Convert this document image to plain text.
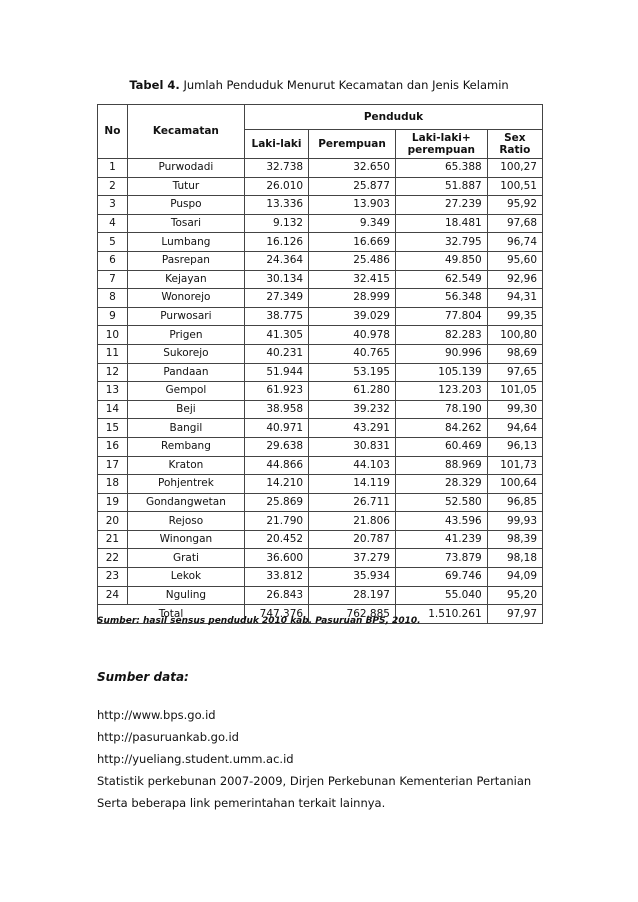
Tabel 4. Jumlah Penduduk Menurut Kecamatan dan Jenis Kelamin
No	Kecamatan	Penduduk			
		Laki-laki	Perempuan	Laki-laki+ perempuan	Sex Ratio
1	Purwodadi	32.738	32.650	65.388	100,27
2	Tutur	26.010	25.877	51.887	100,51
3	Puspo	13.336	13.903	27.239	95,92
4	Tosari	9.132	9.349	18.481	97,68
5	Lumbang	16.126	16.669	32.795	96,74
6	Pasrepan	24.364	25.486	49.850	95,60
7	Kejayan	30.134	32.415	62.549	92,96
8	Wonorejo	27.349	28.999	56.348	94,31
9	Purwosari	38.775	39.029	77.804	99,35
10	Prigen	41.305	40.978	82.283	100,80
11	Sukorejo	40.231	40.765	90.996	98,69
12	Pandaan	51.944	53.195	105.139	97,65
13	Gempol	61.923	61.280	123.203	101,05
14	Beji	38.958	39.232	78.190	99,30
15	Bangil	40.971	43.291	84.262	94,64
16	Rembang	29.638	30.831	60.469	96,13
17	Kraton	44.866	44.103	88.969	101,73
18	Pohjentrek	14.210	14.119	28.329	100,64
19	Gondangwetan	25.869	26.711	52.580	96,85
20	Rejoso	21.790	21.806	43.596	99,93
21	Winongan	20.452	20.787	41.239	98,39
22	Grati	36.600	37.279	73.879	98,18
23	Lekok	33.812	35.934	69.746	94,09
24	Nguling	26.843	28.197	55.040	95,20
Total		747.376	762.885	1.510.261	97,97
Sumber: hasil sensus penduduk 2010 kab. Pasuruan BPS, 2010.
Sumber data:
http://www.bps.go.id
http://pasuruankab.go.id
http://yueliang.student.umm.ac.id
Statistik perkebunan 2007-2009, Dirjen Perkebunan Kementerian Pertanian
Serta beberapa link pemerintahan terkait lainnya.
